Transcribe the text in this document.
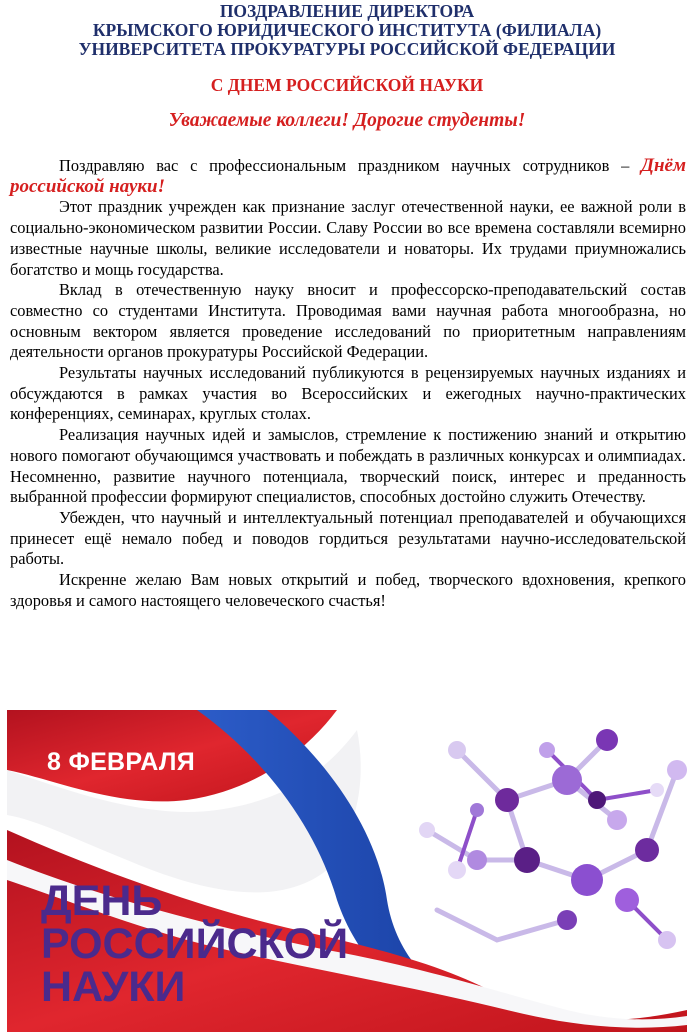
ПОЗДРАВЛЕНИЕ ДИРЕКТОРА
КРЫМСКОГО ЮРИДИЧЕСКОГО ИНСТИТУТА (ФИЛИАЛА)
УНИВЕРСИТЕТА ПРОКУРАТУРЫ РОССИЙСКОЙ ФЕДЕРАЦИИ
С ДНЕМ РОССИЙСКОЙ НАУКИ
Уважаемые коллеги! Дорогие студенты!

Поздравляю вас с профессиональным праздником научных сотрудников – Днём российской науки!

Этот праздник учрежден как признание заслуг отечественной науки, ее важной роли в социально-экономическом развитии России. Славу России во все времена составляли всемирно известные научные школы, великие исследователи и новаторы. Их трудами приумножались богатство и мощь государства.

Вклад в отечественную науку вносит и профессорско-преподавательский состав совместно со студентами Института. Проводимая вами научная работа многообразна, но основным вектором является проведение исследований по приоритетным направлениям деятельности органов прокуратуры Российской Федерации.

Результаты научных исследований публикуются в рецензируемых научных изданиях и обсуждаются в рамках участия во Всероссийских и ежегодных научно-практических конференциях, семинарах, круглых столах.

Реализация научных идей и замыслов, стремление к постижению знаний и открытию нового помогают обучающимся участвовать и побеждать в различных конкурсах и олимпиадах. Несомненно, развитие научного потенциала, творческий поиск, интерес и преданность выбранной профессии формируют специалистов, способных достойно служить Отечеству.

Убежден, что научный и интеллектуальный потенциал преподавателей и обучающихся принесет ещё немало побед и поводов гордиться результатами научно-исследовательской работы.

Искренне желаю Вам новых открытий и побед, творческого вдохновения, крепкого здоровья и самого настоящего человеческого счастья!

8 ФЕВРАЛЯ
ДЕНЬ
РОССИЙСКОЙ
НАУКИ
